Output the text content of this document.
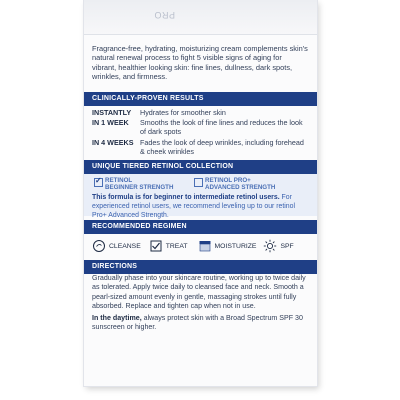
PRO
Fragrance-free, hydrating, moisturizing cream complements skin's natural renewal process to fight 5 visible signs of aging for vibrant, healthier looking skin: fine lines, dullness, dark spots, wrinkles, and firmness.
CLINICALLY-PROVEN RESULTS
INSTANTLY	Hydrates for smoother skin
IN 1 WEEK	Smooths the look of fine lines and reduces the look of dark spots
IN 4 WEEKS Fades the look of deep wrinkles, including forehead & cheek wrinkles
UNIQUE TIERED RETINOL COLLECTION
✓
RETINOL
BEGINNER STRENGTH
RETINOL PRO+
ADVANCED STRENGTH
This formula is for beginner to intermediate retinol users. For experienced retinol users, we recommend leveling up to our retinol Pro+ Advanced Strength.
RECOMMENDED REGIMEN
CLEANSE	TREAT	MOISTURIZE	SPF
DIRECTIONS
Gradually phase into your skincare routine, working up to twice daily as tolerated. Apply twice daily to cleansed face and neck. Smooth a pearl-sized amount evenly in gentle, massaging strokes until fully absorbed. Replace and tighten cap when not in use.
In the daytime, always protect skin with a Broad Spectrum SPF 30 sunscreen or higher.
